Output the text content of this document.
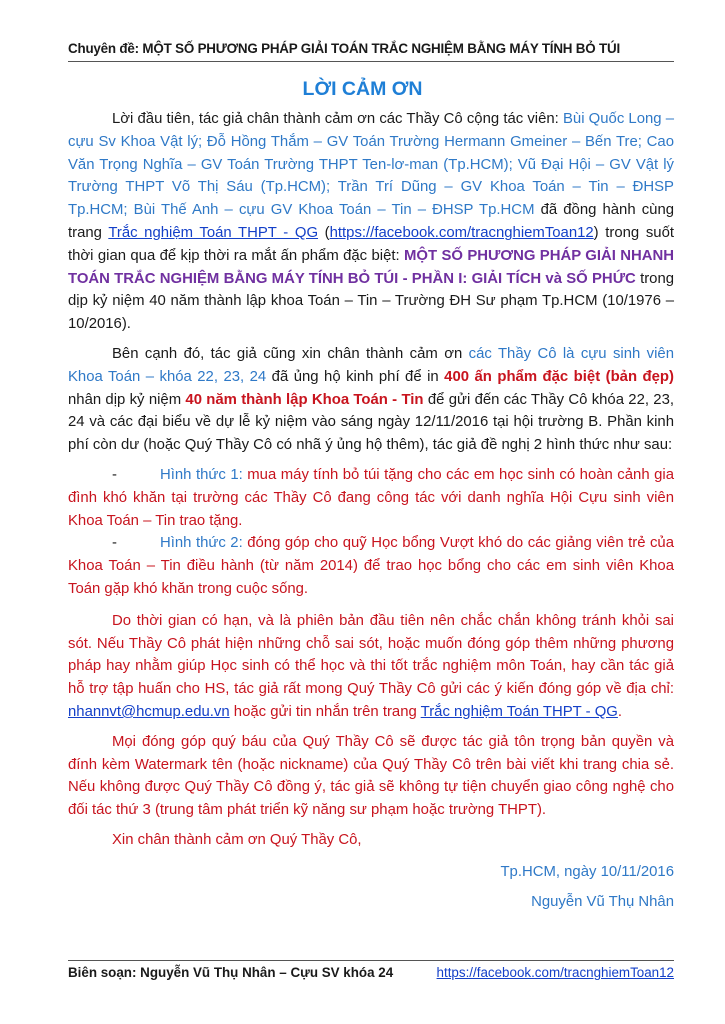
Chuyên đề: MỘT SỐ PHƯƠNG PHÁP GIẢI TOÁN TRẮC NGHIỆM BẰNG MÁY TÍNH BỎ TÚI
LỜI CẢM ƠN

Lời đầu tiên, tác giả chân thành cảm ơn các Thầy Cô cộng tác viên: Bùi Quốc Long – cựu Sv Khoa Vật lý; Đỗ Hồng Thắm – GV Toán Trường Hermann Gmeiner – Bến Tre; Cao Văn Trọng Nghĩa – GV Toán Trường THPT Ten-lơ-man (Tp.HCM); Vũ Đại Hội – GV Vật lý Trường THPT Võ Thị Sáu (Tp.HCM); Trần Trí Dũng – GV Khoa Toán – Tin – ĐHSP Tp.HCM; Bùi Thế Anh – cựu GV Khoa Toán – Tin – ĐHSP Tp.HCM đã đồng hành cùng trang Trắc nghiệm Toán THPT - QG (https://facebook.com/tracnghiemToan12) trong suốt thời gian qua để kịp thời ra mắt ấn phẩm đặc biệt: MỘT SỐ PHƯƠNG PHÁP GIẢI NHANH TOÁN TRẮC NGHIỆM BẰNG MÁY TÍNH BỎ TÚI - PHẦN I: GIẢI TÍCH và SỐ PHỨC trong dịp kỷ niệm 40 năm thành lập khoa Toán – Tin – Trường ĐH Sư phạm Tp.HCM (10/1976 – 10/2016).

Bên cạnh đó, tác giả cũng xin chân thành cảm ơn các Thầy Cô là cựu sinh viên Khoa Toán – khóa 22, 23, 24 đã ủng hộ kinh phí để in 400 ấn phẩm đặc biệt (bản đẹp) nhân dịp kỷ niệm 40 năm thành lập Khoa Toán - Tin để gửi đến các Thầy Cô khóa 22, 23, 24 và các đại biểu về dự lễ kỷ niệm vào sáng ngày 12/11/2016 tại hội trường B. Phần kinh phí còn dư (hoặc Quý Thầy Cô có nhã ý ủng hộ thêm), tác giả đề nghị 2 hình thức như sau:

-	Hình thức 1: mua máy tính bỏ túi tặng cho các em học sinh có hoàn cảnh gia đình khó khăn tại trường các Thầy Cô đang công tác với danh nghĩa Hội Cựu sinh viên Khoa Toán – Tin trao tặng.

-	Hình thức 2: đóng góp cho quỹ Học bổng Vượt khó do các giảng viên trẻ của Khoa Toán – Tin điều hành (từ năm 2014) để trao học bổng cho các em sinh viên Khoa Toán gặp khó khăn trong cuộc sống.

Do thời gian có hạn, và là phiên bản đầu tiên nên chắc chắn không tránh khỏi sai sót. Nếu Thầy Cô phát hiện những chỗ sai sót, hoặc muốn đóng góp thêm những phương pháp hay nhằm giúp Học sinh có thể học và thi tốt trắc nghiệm môn Toán, hay cần tác giả hỗ trợ tập huấn cho HS, tác giả rất mong Quý Thầy Cô gửi các ý kiến đóng góp về địa chỉ: nhannvt@hcmup.edu.vn hoặc gửi tin nhắn trên trang Trắc nghiệm Toán THPT - QG.

Mọi đóng góp quý báu của Quý Thầy Cô sẽ được tác giả tôn trọng bản quyền và đính kèm Watermark tên (hoặc nickname) của Quý Thầy Cô trên bài viết khi trang chia sẻ. Nếu không được Quý Thầy Cô đồng ý, tác giả sẽ không tự tiện chuyển giao công nghệ cho đối tác thứ 3 (trung tâm phát triển kỹ năng sư phạm hoặc trường THPT).

Xin chân thành cảm ơn Quý Thầy Cô,

Tp.HCM, ngày 10/11/2016

Nguyễn Vũ Thụ Nhân

Biên soạn: Nguyễn Vũ Thụ Nhân – Cựu SV khóa 24	https://facebook.com/tracnghiemToan12
